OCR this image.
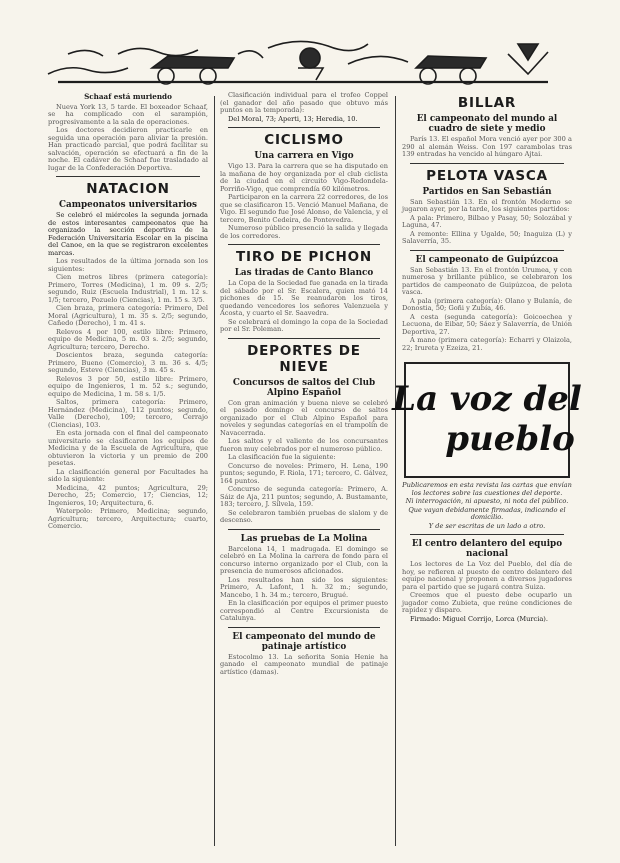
Schaaf está muriendo

Nueva York 13, 5 tarde. El boxeador Schaaf, se ha complicado con el sarampión, progresivamente a la sala de operaciones.

Los doctores decidieron practicarle en seguida una operación para aliviar la presión. Han practicado parcial, que podrá facilitar su salvación, operación se efectuará a fin de la noche. El cadáver de Schaaf fue trasladado al lugar de la Confederación Deportiva.

NATACION
Campeonatos universitarios

Se celebró el miércoles la segunda jornada de estos interesantes campeonatos que ha organizado la sección deportiva de la Federación Universitaria Escolar en la piscina del Canoe, en la que se registraron excelentes marcas.

Los resultados de la última jornada son los siguientes:

Cien metros libres (primera categoría): Primero, Torres (Medicina), 1 m. 09 s. 2/5; segundo, Ruiz (Escuela Industrial), 1 m. 12 s. 1/5; tercero, Pozuelo (Ciencias), 1 m. 15 s. 3/5.

Cien braza, primera categoría: Primero, Del Moral (Agricultura), 1 m. 35 s. 2/5; segundo, Cañedo (Derecho), 1 m. 41 s.

Relevos 4 por 100, estilo libre: Primero, equipo de Medicina, 5 m. 03 s. 2/5; segundo, Agricultura; tercero, Derecho.

Doscientos braza, segunda categoría: Primero, Bueno (Comercio), 3 m. 36 s. 4/5; segundo, Esteve (Ciencias), 3 m. 45 s.

Relevos 3 por 50, estilo libre: Primero, equipo de Ingenieros, 1 m. 52 s.; segundo, equipo de Medicina, 1 m. 58 s. 1/5.

Saltos, primera categoría: Primero, Hernández (Medicina), 112 puntos; segundo, Valle (Derecho), 109; tercero, Cerrajo (Ciencias), 103.

En esta jornada con el final del campeonato universitario se clasificaron los equipos de Medicina y de la Escuela de Agricultura, que obtuvieron la victoria y un premio de 200 pesetas.

La clasificación general por Facultades ha sido la siguiente:

Medicina, 42 puntos; Agricultura, 29; Derecho, 25; Comercio, 17; Ciencias, 12; Ingenieros, 10; Arquitectura, 6.

Waterpolo: Primero, Medicina; segundo, Agricultura; tercero, Arquitectura; cuarto, Comercio.

Clasificación individual para el trofeo Coppel (el ganador del año pasado que obtuvo más puntos en la temporada):

Del Moral, 73; Aperti, 13; Heredia, 10.

CICLISMO
Una carrera en Vigo

Vigo 13. Para la carrera que se ha disputado en la mañana de hoy organizada por el club ciclista de la ciudad en el circuito Vigo-Redondela-Porriño-Vigo, que comprendía 60 kilómetros.

Participaron en la carrera 22 corredores, de los que se clasificaron 15. Venció Manuel Mañana, de Vigo. El segundo fue José Alonso, de Valencia, y el tercero, Benito Cedeira, de Pontevedra.

Numeroso público presenció la salida y llegada de los corredores.

TIRO DE PICHON
Las tiradas de Canto Blanco

La Copa de la Sociedad fue ganada en la tirada del sábado por el Sr. Escalera, quien mató 14 pichones de 15. Se reanudaron los tiros, quedando vencedores los señores Valenzuela y Acosta, y cuarto el Sr. Saavedra.

Se celebrará el domingo la copa de la Sociedad por el Sr. Poleman.

DEPORTES DE NIEVE
Concursos de saltos del Club Alpino Español

Con gran animación y buena nieve se celebró el pasado domingo el concurso de saltos organizado por el Club Alpino Español para noveles y segundas categorías en el trampolín de Navacerrada.

Los saltos y el valiente de los concursantes fueron muy celebrados por el numeroso público.

La clasificación fue la siguiente:

Concurso de noveles: Primero, H. Lena, 190 puntos; segundo, F. Riola, 171; tercero, C. Gálvez, 164 puntos.

Concurso de segunda categoría: Primero, A. Sáiz de Aja, 211 puntos; segundo, A. Bustamante, 183; tercero, J. Silvela, 159.

Se celebraron también pruebas de slalom y de descenso.

Las pruebas de La Molina

Barcelona 14, 1 madrugada. El domingo se celebró en La Molina la carrera de fondo para el concurso interno organizado por el Club, con la presencia de numerosos aficionados.

Los resultados han sido los siguientes: Primero, A. Lafont, 1 h. 32 m.; segundo, Mancebo, 1 h. 34 m.; tercero, Brugué.

En la clasificación por equipos el primer puesto correspondió al Centre Excursionista de Catalunya.

El campeonato del mundo de patinaje artístico

Estocolmo 13. La señorita Sonia Henie ha ganado el campeonato mundial de patinaje artístico (damas).

BILLAR
El campeonato del mundo al cuadro de siete y medio

París 13. El español Mora venció ayer por 300 a 290 al alemán Weiss. Con 197 carambolas tras 139 entradas ha vencido al húngaro Ajtai.

PELOTA VASCA
Partidos en San Sebastián

San Sebastián 13. En el frontón Moderno se jugaron ayer, por la tarde, los siguientes partidos:

A pala: Primero, Bilbao y Pasay, 50; Solozábal y Laguna, 47.

A remonte: Ellina y Ugalde, 50; Inaguiza (L) y Salaverría, 35.

El campeonato de Guipúzcoa

San Sebastián 13. En el frontón Urumea, y con numerosa y brillante público, se celebraron los partidos de campeonato de Guipúzcoa, de pelota vasca.

A pala (primera categoría): Olano y Bulanía, de Donostia, 50; Goñi y Zubía, 46.

A cesta (segunda categoría): Goicoechea y Lecuona, de Eibar, 50; Sáez y Salaverría, de Unión Deportiva, 27.

A mano (primera categoría): Echarri y Olaizola, 22; Irureta y Ezeiza, 21.

La voz del
pueblo

Publicaremos en esta revista las cartas que envían los lectores sobre las cuestiones del deporte.

Ni interrogación, ni apuesto, ni nota del público.

Que vayan debidamente firmadas, indicando el domicilio.

Y de ser escritas de un lado a otro.

El centro delantero del equipo nacional

Los lectores de La Voz del Pueblo, del día de hoy, se refieren al puesto de centro delantero del equipo nacional y proponen a diversos jugadores para el partido que se jugará contra Suiza.

Creemos que el puesto debe ocuparlo un jugador como Zubieta, que reúne condiciones de rapidez y disparo.

Firmado: Miguel Corrijo, Lorca (Murcia).
